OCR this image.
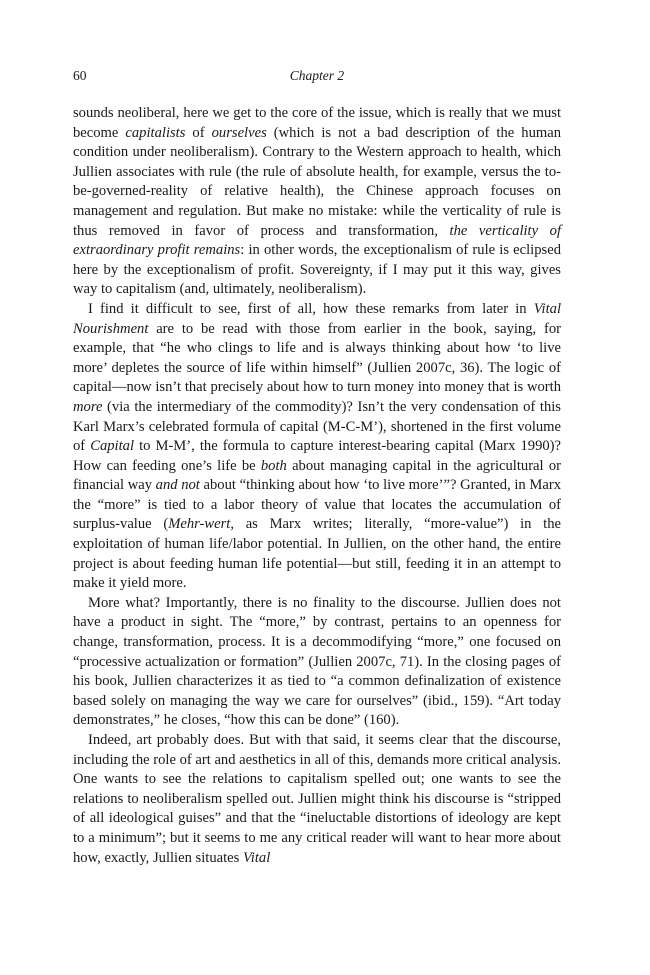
60	Chapter 2

sounds neoliberal, here we get to the core of the issue, which is really that we must become capitalists of ourselves (which is not a bad description of the human condition under neoliberalism). Contrary to the Western approach to health, which Jullien associates with rule (the rule of absolute health, for example, versus the to-be-governed-reality of relative health), the Chinese approach focuses on management and regulation. But make no mistake: while the verticality of rule is thus removed in favor of process and transformation, the verticality of extraordinary profit remains: in other words, the exceptionalism of rule is eclipsed here by the exceptionalism of profit. Sovereignty, if I may put it this way, gives way to capitalism (and, ultimately, neoliberalism).

I find it difficult to see, first of all, how these remarks from later in Vital Nourishment are to be read with those from earlier in the book, saying, for example, that “he who clings to life and is always thinking about how ‘to live more’ depletes the source of life within himself” (Jullien 2007c, 36). The logic of capital—now isn’t that precisely about how to turn money into money that is worth more (via the intermediary of the commodity)? Isn’t the very condensation of this Karl Marx’s celebrated formula of capital (M-C-M’), shortened in the first volume of Capital to M-M’, the formula to capture interest-bearing capital (Marx 1990)? How can feeding one’s life be both about managing capital in the agricultural or financial way and not about “thinking about how ‘to live more’”? Granted, in Marx the “more” is tied to a labor theory of value that locates the accumulation of surplus-value (Mehr-wert, as Marx writes; literally, “more-value”) in the exploitation of human life/labor potential. In Jullien, on the other hand, the entire project is about feeding human life potential—but still, feeding it in an attempt to make it yield more.

More what? Importantly, there is no finality to the discourse. Jullien does not have a product in sight. The “more,” by contrast, pertains to an openness for change, transformation, process. It is a decommodifying “more,” one focused on “processive actualization or formation” (Jullien 2007c, 71). In the closing pages of his book, Jullien characterizes it as tied to “a common definalization of existence based solely on managing the way we care for ourselves” (ibid., 159). “Art today demonstrates,” he closes, “how this can be done” (160).

Indeed, art probably does. But with that said, it seems clear that the discourse, including the role of art and aesthetics in all of this, demands more critical analysis. One wants to see the relations to capitalism spelled out; one wants to see the relations to neoliberalism spelled out. Jullien might think his discourse is “stripped of all ideological guises” and that the “ineluctable distortions of ideology are kept to a minimum”; but it seems to me any critical reader will want to hear more about how, exactly, Jullien situates Vital
